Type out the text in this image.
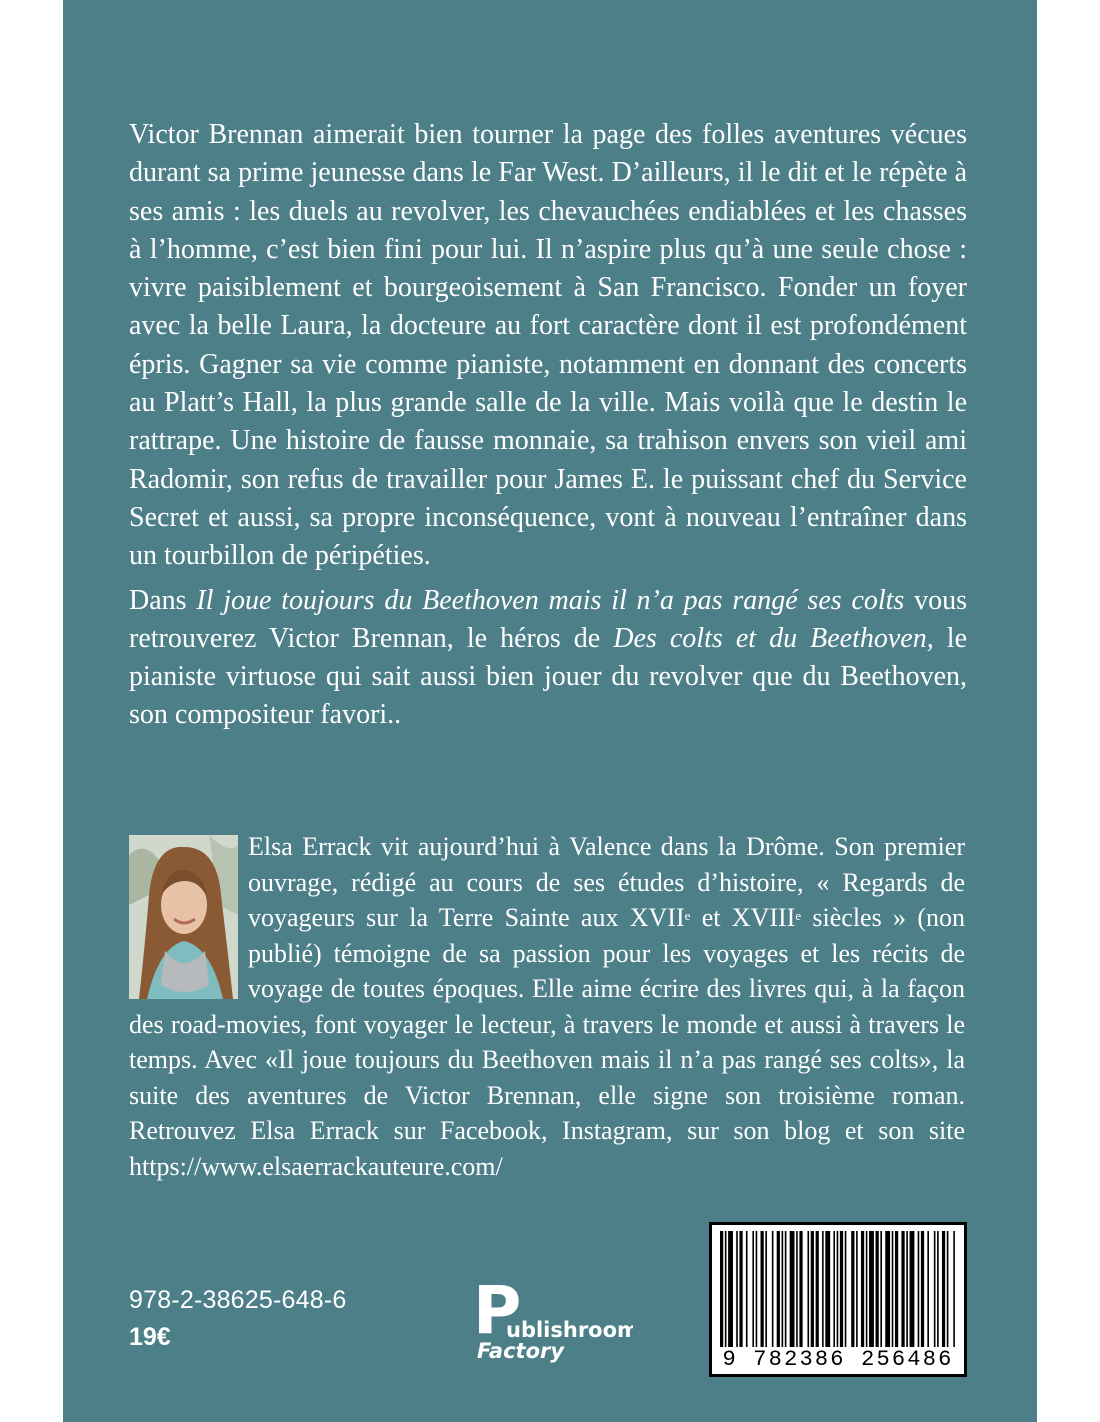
Victor Brennan aimerait bien tourner la page des folles aventures vécues durant sa prime jeunesse dans le Far West. D’ailleurs, il le dit et le répète à ses amis : les duels au revolver, les chevauchées endiablées et les chasses à l’homme, c’est bien fini pour lui. Il n’aspire plus qu’à une seule chose : vivre paisiblement et bourgeoisement à San Francisco. Fonder un foyer avec la belle Laura, la docteure au fort caractère dont il est profondément épris. Gagner sa vie comme pianiste, notamment en donnant des concerts au Platt’s Hall, la plus grande salle de la ville. Mais voilà que le destin le rattrape. Une histoire de fausse monnaie, sa trahison envers son vieil ami Radomir, son refus de travailler pour James E. le puissant chef du Service Secret et aussi, sa propre inconséquence, vont à nouveau l’entraîner dans un tourbillon de péripéties.

Dans Il joue toujours du Beethoven mais il n’a pas rangé ses colts vous retrouverez Victor Brennan, le héros de Des colts et du Beethoven, le pianiste virtuose qui sait aussi bien jouer du revolver que du Beethoven, son compositeur favori..

Elsa Errack vit aujourd’hui à Valence dans la Drôme. Son premier ouvrage, rédigé au cours de ses études d’histoire, « Regards de voyageurs sur la Terre Sainte aux XVIIe et XVIIIe siècles » (non publié) témoigne de sa passion pour les voyages et les récits de voyage de toutes époques. Elle aime écrire des livres qui, à la façon des road-movies, font voyager le lecteur, à travers le monde et aussi à travers le temps. Avec «Il joue toujours du Beethoven mais il n’a pas rangé ses colts», la suite des aventures de Victor Brennan, elle signe son troisième roman. Retrouvez Elsa Errack sur Facebook, Instagram, sur son blog et son site https://www.elsaerrackauteure.com/

978-2-38625-648-6
19€	P
ublishroom
Factory	9 782386 256486
